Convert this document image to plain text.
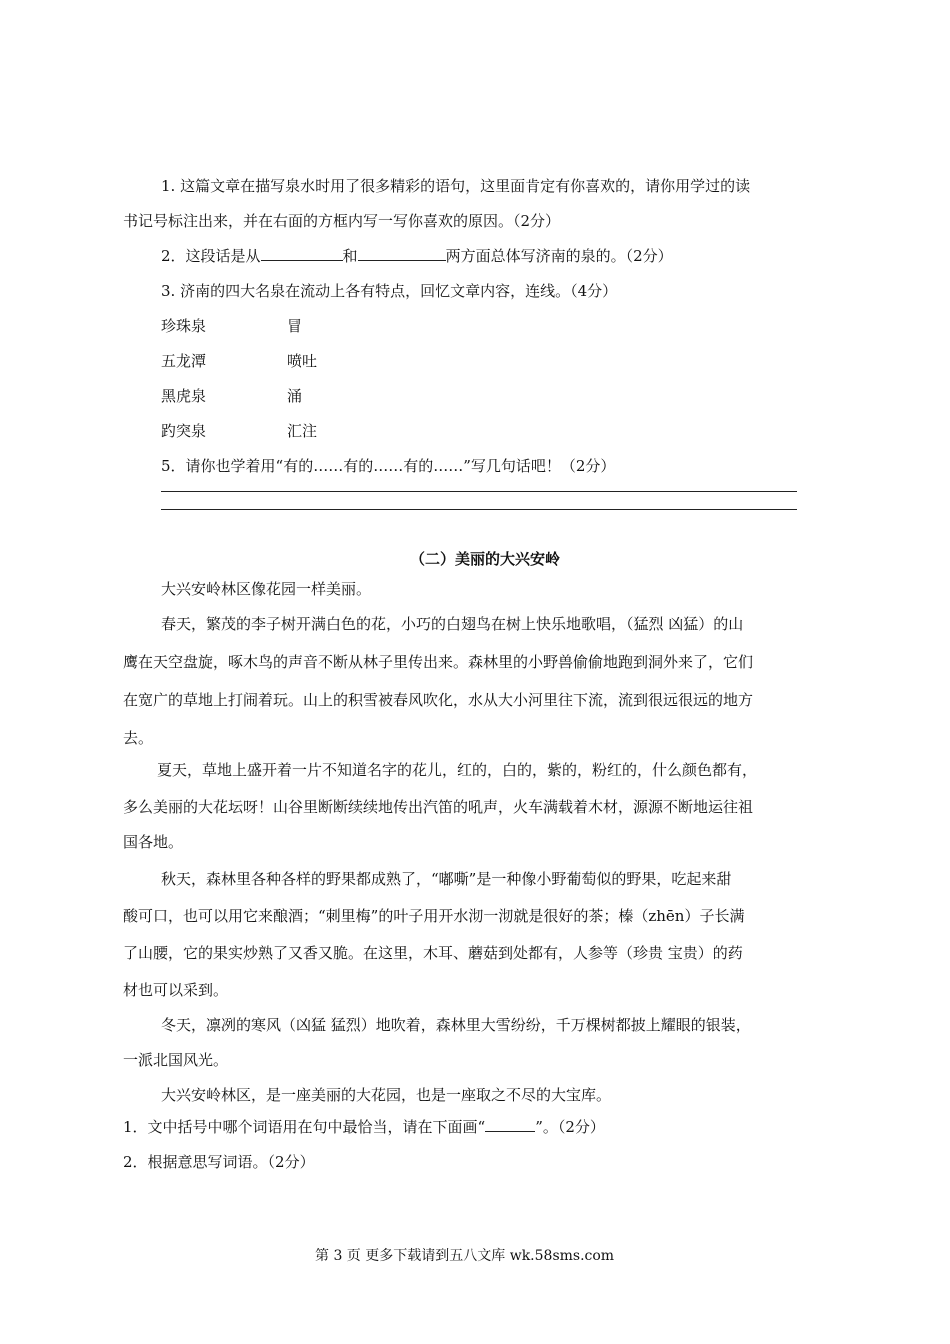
1. 这篇文章在描写泉水时用了很多精彩的语句，这里面肯定有你喜欢的，请你用学过的读
书记号标注出来，并在右面的方框内写一写你喜欢的原因。（2分）
2．这段话是从	和	两方面总体写济南的泉的。（2分）
3. 济南的四大名泉在流动上各有特点，回忆文章内容，连线。（4分）
珍珠泉	冒
五龙潭	喷吐
黑虎泉	涌
趵突泉	汇注
5．请你也学着用“有的……有的……有的……”写几句话吧！（2分）
（二）美丽的大兴安岭
大兴安岭林区像花园一样美丽。
春天，繁茂的李子树开满白色的花，小巧的白翅鸟在树上快乐地歌唱，（猛烈 凶猛）的山
鹰在天空盘旋，啄木鸟的声音不断从林子里传出来。森林里的小野兽偷偷地跑到洞外来了，它们
在宽广的草地上打闹着玩。山上的积雪被春风吹化，水从大小河里往下流，流到很远很远的地方
去。
夏天，草地上盛开着一片不知道名字的花儿，红的，白的，紫的，粉红的，什么颜色都有，
多么美丽的大花坛呀！山谷里断断续续地传出汽笛的吼声，火车满载着木材，源源不断地运往祖
国各地。
秋天，森林里各种各样的野果都成熟了，“嘟嘶”是一种像小野葡萄似的野果，吃起来甜
酸可口，也可以用它来酿酒；“刺里梅”的叶子用开水沏一沏就是很好的茶；榛（zhēn）子长满
了山腰，它的果实炒熟了又香又脆。在这里，木耳、蘑菇到处都有，人参等（珍贵 宝贵）的药
材也可以采到。
冬天，凛冽的寒风（凶猛 猛烈）地吹着，森林里大雪纷纷，千万棵树都披上耀眼的银装，
一派北国风光。
大兴安岭林区，是一座美丽的大花园，也是一座取之不尽的大宝库。
1．文中括号中哪个词语用在句中最恰当，请在下面画“	”。（2分）
2．根据意思写词语。（2分）
第 3 页 更多下载请到五八文库 wk.58sms.com
